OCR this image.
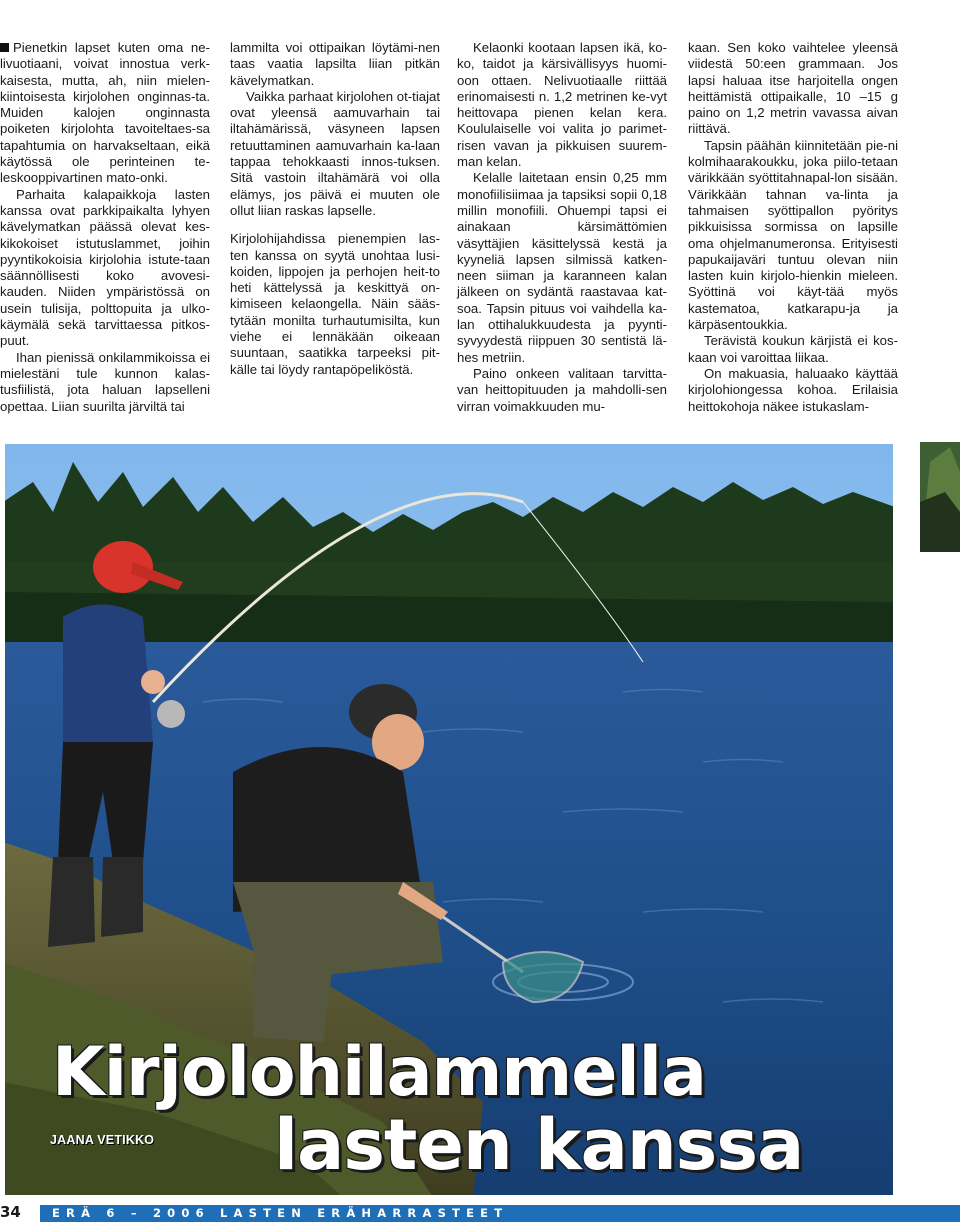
Pienetkin lapset kuten oma ne-livuotiaani, voivat innostua verk-kaisesta, mutta, ah, niin mielen-kiintoisesta kirjolohen onginnas-ta. Muiden kalojen onginnasta poiketen kirjolohta tavoiteltaes-sa tapahtumia on harvakseltaan, eikä käytössä ole perinteinen te-leskooppivartinen mato-onki.

Parhaita kalapaikkoja lasten kanssa ovat parkkipaikalta lyhyen kävelymatkan päässä olevat kes-kikokoiset istutuslammet, joihin pyyntikokoisia kirjolohia istute-taan säännöllisesti koko avovesi-kauden. Niiden ympäristössä on usein tulisija, polttopuita ja ulko-käymälä sekä tarvittaessa pitkos-puut.

Ihan pienissä onkilammikoissa ei mielestäni tule kunnon kalas-tusfiilistä, jota haluan lapselleni opettaa. Liian suurilta järviltä tai

lammilta voi ottipaikan löytämi-nen taas vaatia lapsilta liian pitkän kävelymatkan.

Vaikka parhaat kirjolohen ot-tiajat ovat yleensä aamuvarhain tai iltahämärissä, väsyneen lapsen retuuttaminen aamuvarhain ka-laan tappaa tehokkaasti innos-tuksen. Sitä vastoin iltahämärä voi olla elämys, jos päivä ei muuten ole ollut liian raskas lapselle.

Kirjolohijahdissa pienempien las-ten kanssa on syytä unohtaa lusi-koiden, lippojen ja perhojen heit-to heti kättelyssä ja keskittyä on-kimiseen kelaongella. Näin sääs-tytään monilta turhautumisilta, kun viehe ei lennäkään oikeaan suuntaan, saatikka tarpeeksi pit-källe tai löydy rantapöpeliköstä.

Kelaonki kootaan lapsen ikä, ko-ko, taidot ja kärsivällisyys huomi-oon ottaen. Nelivuotiaalle riittää erinomaisesti n. 1,2 metrinen ke-vyt heittovapa pienen kelan kera. Koululaiselle voi valita jo parimet-risen vavan ja pikkuisen suurem-man kelan.

Kelalle laitetaan ensin 0,25 mm monofiilisiimaa ja tapsiksi sopii 0,18 millin monofiili. Ohuempi tapsi ei ainakaan kärsimättömien väsyttäjien käsittelyssä kestä ja kyyneliä lapsen silmissä katken-neen siiman ja karanneen kalan jälkeen on sydäntä raastavaa kat-soa. Tapsin pituus voi vaihdella ka-lan ottihalukkuudesta ja pyynti-syvyydestä riippuen 30 sentistä lä-hes metriin.

Paino onkeen valitaan tarvitta-van heittopituuden ja mahdolli-sen virran voimakkuuden mu-

kaan. Sen koko vaihtelee yleensä viidestä 50:een grammaan. Jos lapsi haluaa itse harjoitella ongen heittämistä ottipaikalle, 10 –15 g paino on 1,2 metrin vavassa aivan riittävä.

Tapsin päähän kiinnitetään pie-ni kolmihaarakoukku, joka piilo-tetaan värikkään syöttitahnapal-lon sisään. Värikkään tahnan va-linta ja tahmaisen syöttipallon pyöritys pikkuisissa sormissa on lapsille oma ohjelmanumeronsa. Erityisesti papukaijaväri tuntuu olevan niin lasten kuin kirjolo-hienkin mieleen. Syöttinä voi käyt-tää myös kastematoa, katkarapu-ja ja kärpäsentoukkia.

Terävistä koukun kärjistä ei kos-kaan voi varoittaa liikaa.

On makuasia, haluaako käyttää kirjolohiongessa kohoa. Erilaisia heittokohoja näkee istukaslam-

Kirjolohilammella
lasten kanssa
JAANA VETIKKO
34	ERÄ 6 – 2006 LASTEN ERÄHARRASTEET
